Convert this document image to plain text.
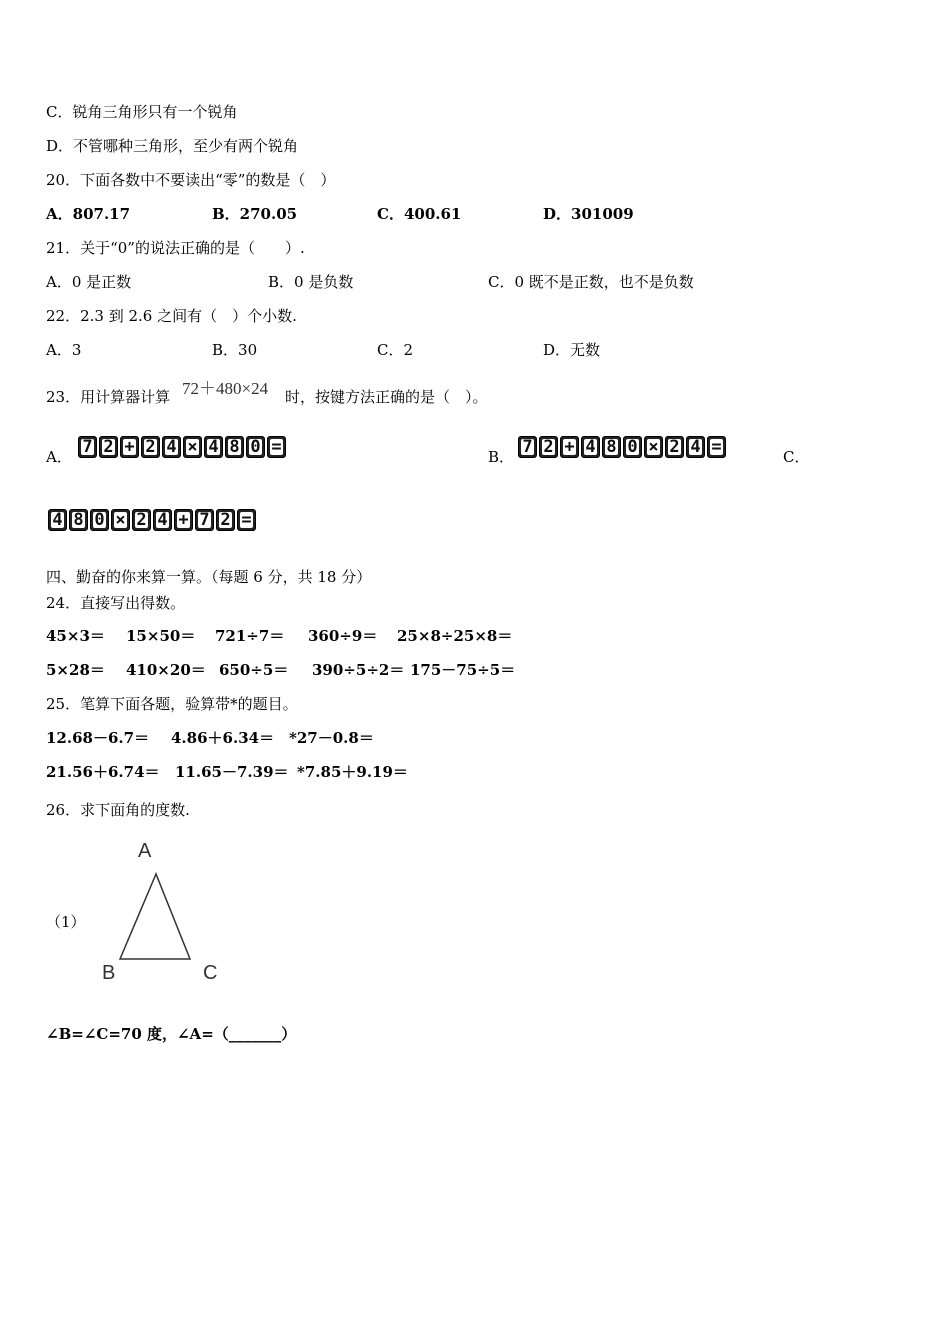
C．锐角三角形只有一个锐角
D．不管哪种三角形，至少有两个锐角
20．下面各数中不要读出“零”的数是（　）
A．807.17	B．270.05	C．400.61	D．301009
21．关于“0”的说法正确的是（　　）.
A．0 是正数	B．0 是负数	C．0 既不是正数，也不是负数
22．2.3 到 2.6 之间有（　）个小数.
A．3	B．30	C．2	D．无数
23．用计算器计算 72＋480×24 时，按键方法正确的是（　）。
A． 7 2 + 2 4 × 4 8 0 =	B． 7 2 + 4 8 0 × 2 4 =	C．
4 8 0 × 2 4 + 7 2 =
四、勤奋的你来算一算。（每题 6 分，共 18 分）
24．直接写出得数。
45×3＝ 15×50＝ 721÷7＝ 360÷9＝ 25×8÷25×8＝
5×28＝ 410×20＝ 650÷5＝ 390÷5÷2＝ 175－75÷5＝
25．笔算下面各题，验算带*的题目。
12.68－6.7＝ 4.86＋6.34＝ *27－0.8＝
21.56＋6.74＝ 11.65－7.39＝ *7.85＋9.19＝
26．求下面角的度数.
（1）
A
B	C
∠B=∠C=70 度，∠A=（_______）
